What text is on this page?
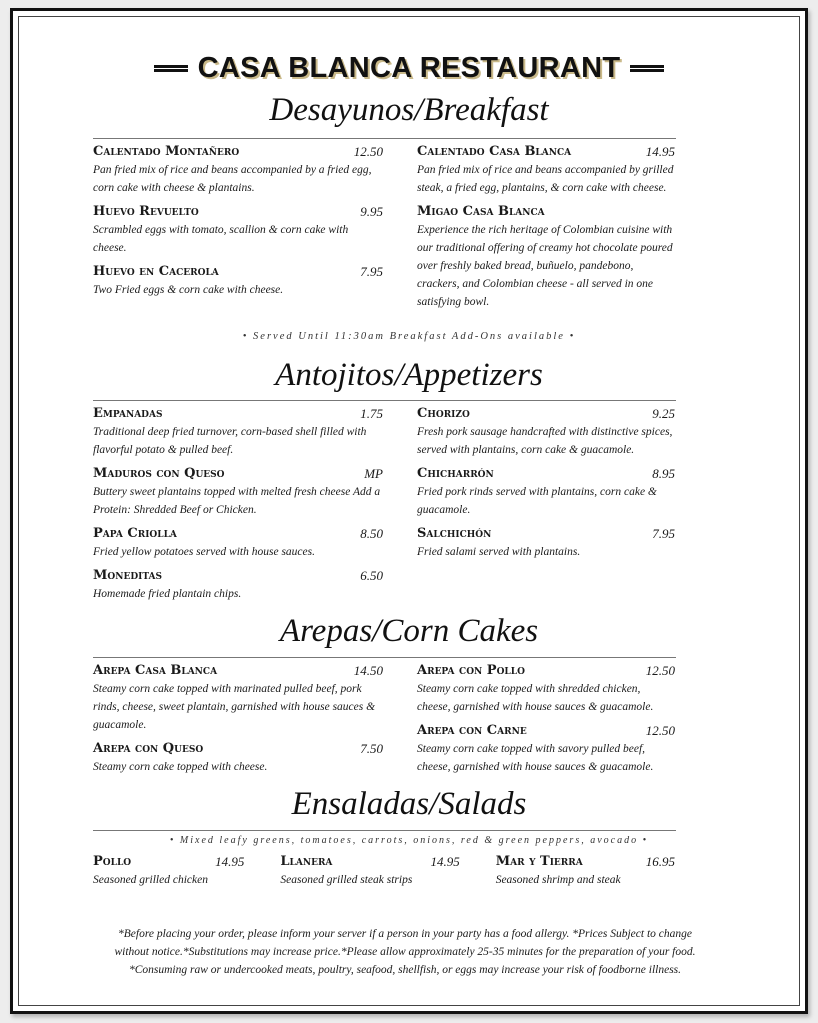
CASA BLANCA RESTAURANT
Desayunos/Breakfast
Calentado Montañero	12.50
Pan fried mix of rice and beans accompanied by a fried egg, corn cake with cheese & plantains.
Huevo Revuelto	9.95
Scrambled eggs with tomato, scallion & corn cake with cheese.
Huevo en Cacerola	7.95
Two Fried eggs & corn cake with cheese.
Calentado Casa Blanca	14.95
Pan fried mix of rice and beans accompanied by grilled steak, a fried egg, plantains, & corn cake with cheese.
Migao Casa Blanca
Experience the rich heritage of Colombian cuisine with our traditional offering of creamy hot chocolate poured over freshly baked bread, buñuelo, pandebono, crackers, and Colombian cheese - all served in one satisfying bowl.
• Served Until 11:30am Breakfast Add-Ons available •
Antojitos/Appetizers
Empanadas	1.75
Traditional deep fried turnover, corn-based shell filled with flavorful potato & pulled beef.
Maduros con Queso	MP
Buttery sweet plantains topped with melted fresh cheese Add a Protein: Shredded Beef or Chicken.
Papa Criolla	8.50
Fried yellow potatoes served with house sauces.
Moneditas	6.50
Homemade fried plantain chips.
Chorizo	9.25
Fresh pork sausage handcrafted with distinctive spices, served with plantains, corn cake & guacamole.
Chicharrón	8.95
Fried pork rinds served with plantains, corn cake & guacamole.
Salchichón	7.95
Fried salami served with plantains.
Arepas/Corn Cakes
Arepa Casa Blanca	14.50
Steamy corn cake topped with marinated pulled beef, pork rinds, cheese, sweet plantain, garnished with house sauces & guacamole.
Arepa con Queso	7.50
Steamy corn cake topped with cheese.
Arepa con Pollo	12.50
Steamy corn cake topped with shredded chicken, cheese, garnished with house sauces & guacamole.
Arepa con Carne	12.50
Steamy corn cake topped with savory pulled beef, cheese, garnished with house sauces & guacamole.
Ensaladas/Salads
• Mixed leafy greens, tomatoes, carrots, onions, red & green peppers, avocado •
Pollo	14.95
Seasoned grilled chicken
Llanera	14.95
Seasoned grilled steak strips
Mar y Tierra	16.95
Seasoned shrimp and steak
*Before placing your order, please inform your server if a person in your party has a food allergy. *Prices Subject to change without notice.*Substitutions may increase price.*Please allow approximately 25-35 minutes for the preparation of your food. *Consuming raw or undercooked meats, poultry, seafood, shellfish, or eggs may increase your risk of foodborne illness.
